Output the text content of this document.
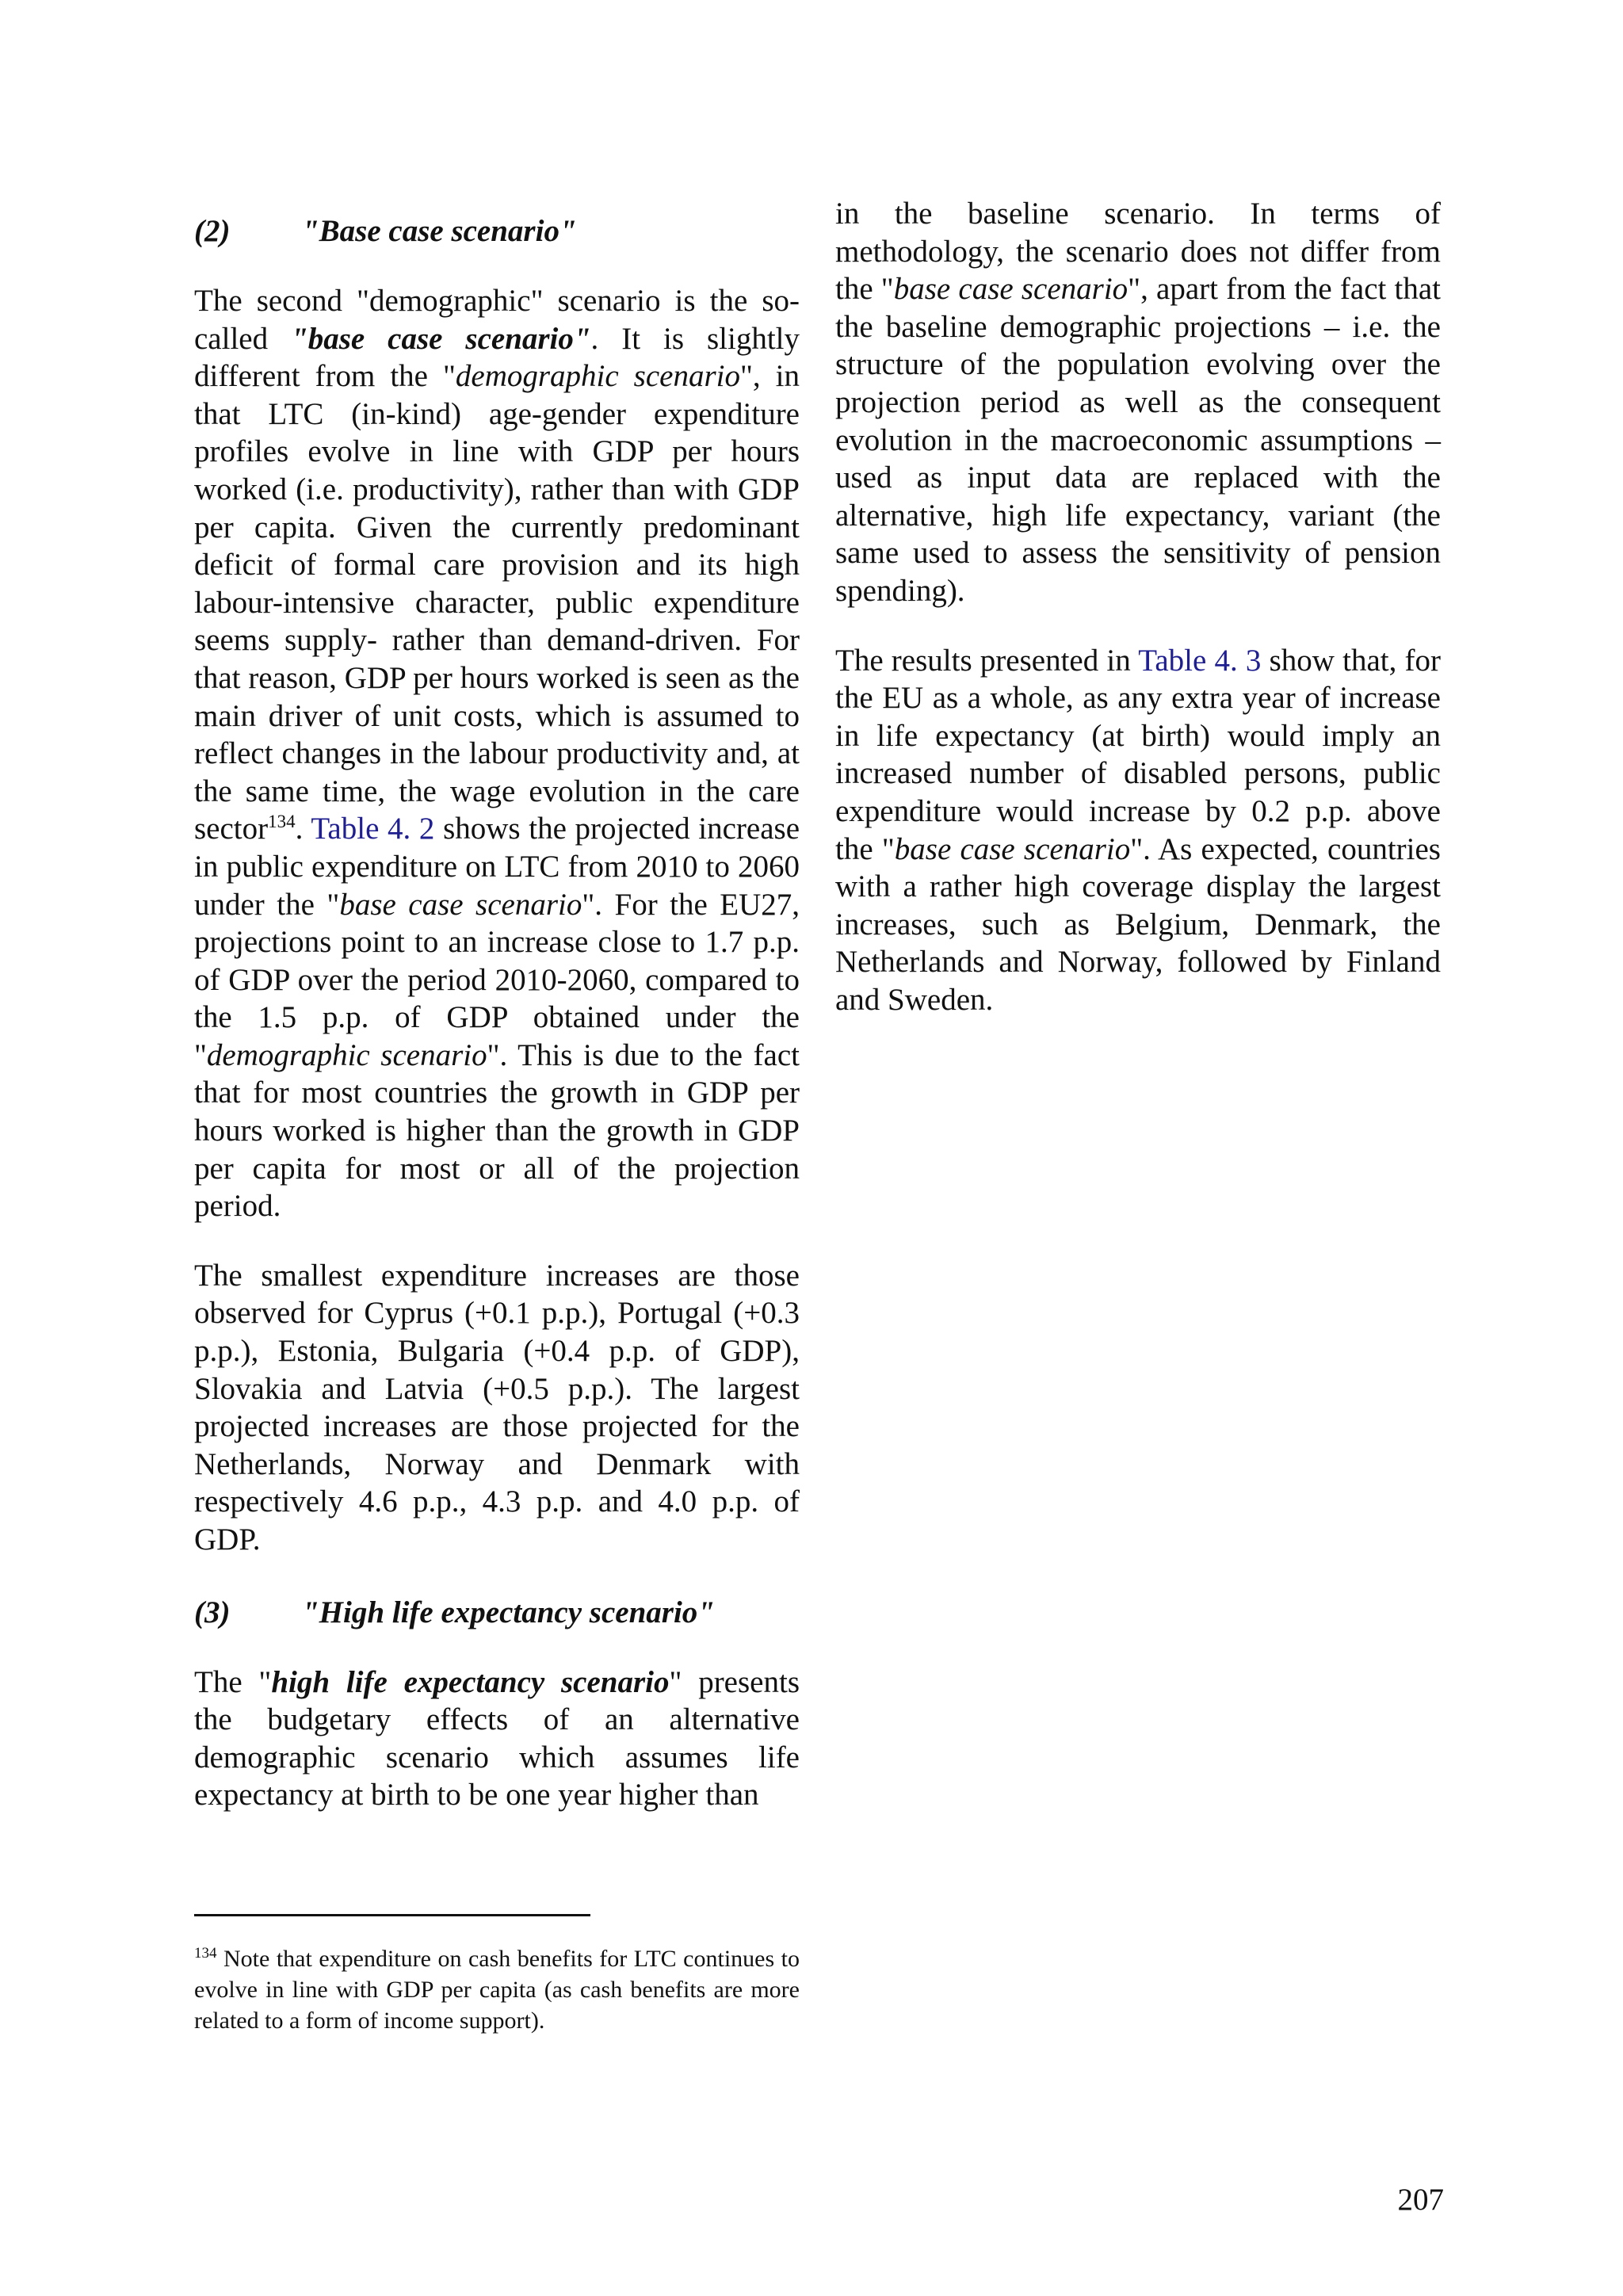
(2) "Base case scenario"

The second "demographic" scenario is the so-called "base case scenario". It is slightly different from the "demographic scenario", in that LTC (in-kind) age-gender expenditure profiles evolve in line with GDP per hours worked (i.e. productivity), rather than with GDP per capita. Given the currently predominant deficit of formal care provision and its high labour-intensive character, public expenditure seems supply- rather than demand-driven. For that reason, GDP per hours worked is seen as the main driver of unit costs, which is assumed to reflect changes in the labour productivity and, at the same time, the wage evolution in the care sector$^{134}$. Table 4. 2 shows the projected increase in public expenditure on LTC from 2010 to 2060 under the "base case scenario". For the EU27, projections point to an increase close to 1.7 p.p. of GDP over the period 2010-2060, compared to the 1.5 p.p. of GDP obtained under the "demographic scenario". This is due to the fact that for most countries the growth in GDP per hours worked is higher than the growth in GDP per capita for most or all of the projection period.

The smallest expenditure increases are those observed for Cyprus (+0.1 p.p.), Portugal (+0.3 p.p.), Estonia, Bulgaria (+0.4 p.p. of GDP), Slovakia and Latvia (+0.5 p.p.). The largest projected increases are those projected for the Netherlands, Norway and Denmark with respectively 4.6 p.p., 4.3 p.p. and 4.0 p.p. of GDP.

(3) "High life expectancy scenario"

The "high life expectancy scenario" presents the budgetary effects of an alternative demographic scenario which assumes life expectancy at birth to be one year higher than

in the baseline scenario. In terms of methodology, the scenario does not differ from the "base case scenario", apart from the fact that the baseline demographic projections – i.e. the structure of the population evolving over the projection period as well as the consequent evolution in the macroeconomic assumptions – used as input data are replaced with the alternative, high life expectancy, variant (the same used to assess the sensitivity of pension spending).

The results presented in Table 4. 3 show that, for the EU as a whole, as any extra year of increase in life expectancy (at birth) would imply an increased number of disabled persons, public expenditure would increase by 0.2 p.p. above the "base case scenario". As expected, countries with a rather high coverage display the largest increases, such as Belgium, Denmark, the Netherlands and Norway, followed by Finland and Sweden.

$^{134}$ Note that expenditure on cash benefits for LTC continues to evolve in line with GDP per capita (as cash benefits are more related to a form of income support).
207
